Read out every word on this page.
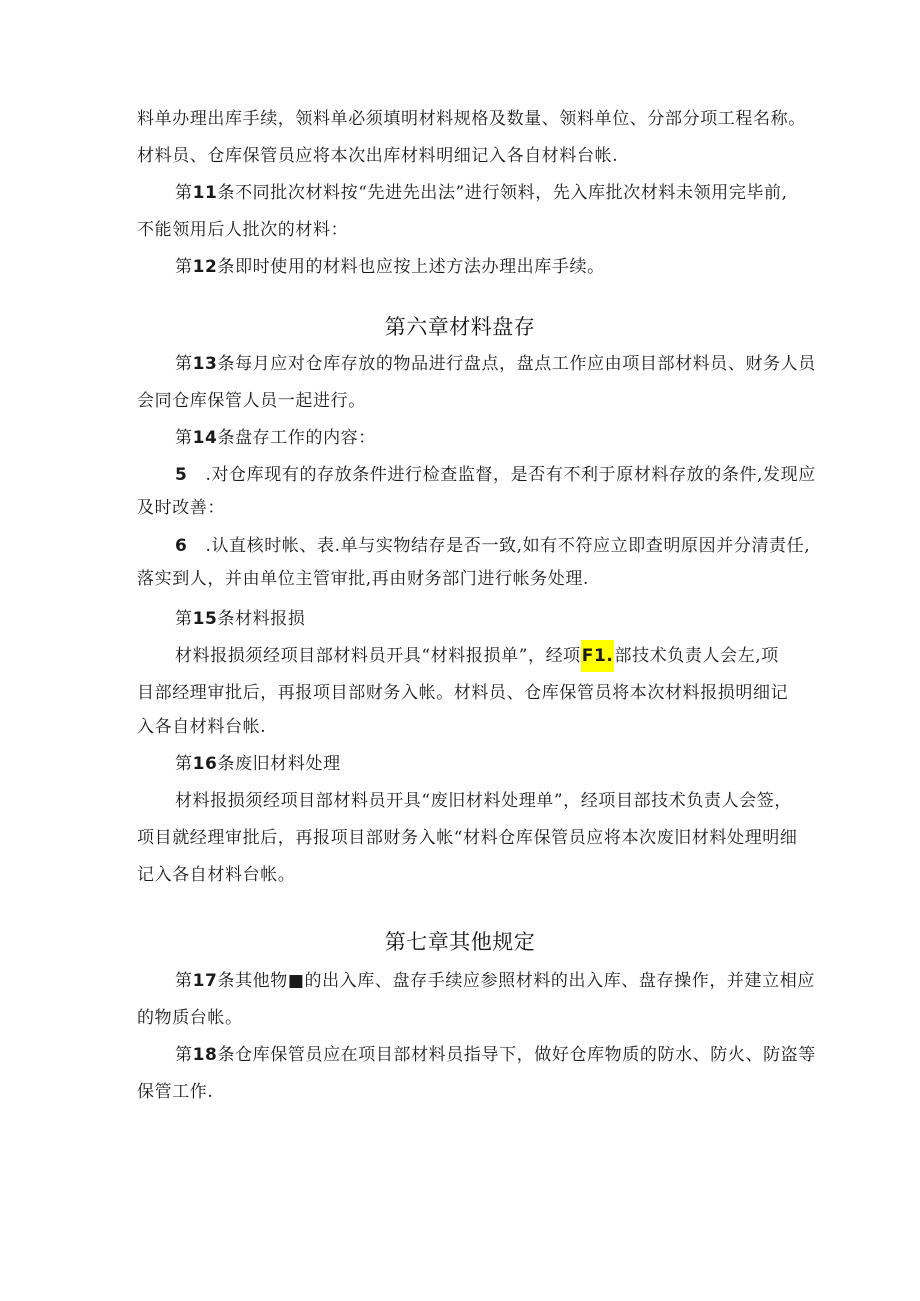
料单办理出库手续，领料单必须填明材料规格及数量、领料单位、分部分项工程名称。
材料员、仓库保管员应将本次出库材料明细记入各自材料台帐.
第11条不同批次材料按“先进先出法”进行领料，先入库批次材料未领用完毕前,
不能领用后人批次的材料：
第12条即时使用的材料也应按上述方法办理出库手续。
第六章材料盘存
第13条每月应对仓库存放的物品进行盘点，盘点工作应由项目部材料员、财务人员
会同仓库保管人员一起进行。
第14条盘存工作的内容：
5   .对仓库现有的存放条件进行检查监督，是否有不利于原材料存放的条件,发现应
及时改善：
6   .认直核时帐、表.单与实物结存是否一致,如有不符应立即查明原因并分清责任,
落实到人，并由单位主管审批,再由财务部门进行帐务处理.
第15条材料报损
材料报损须经项目部材料员开具“材料报损单”，经项F1.部技术负责人会左,项
目部经理审批后，再报项目部财务入帐。材料员、仓库保管员将本次材料报损明细记
入各自材料台帐.
第16条废旧材料处理
材料报损须经项目部材料员开具“废旧材料处理单”，经项目部技术负责人会签，
项目就经理审批后，再报项目部财务入帐“材料仓库保管员应将本次废旧材料处理明细
记入各自材料台帐。
第七章其他规定
第17条其他物■的出入库、盘存手续应参照材料的出入库、盘存操作，并建立相应
的物质台帐。
第18条仓库保管员应在项目部材料员指导下，做好仓库物质的防水、防火、防盗等
保管工作.
